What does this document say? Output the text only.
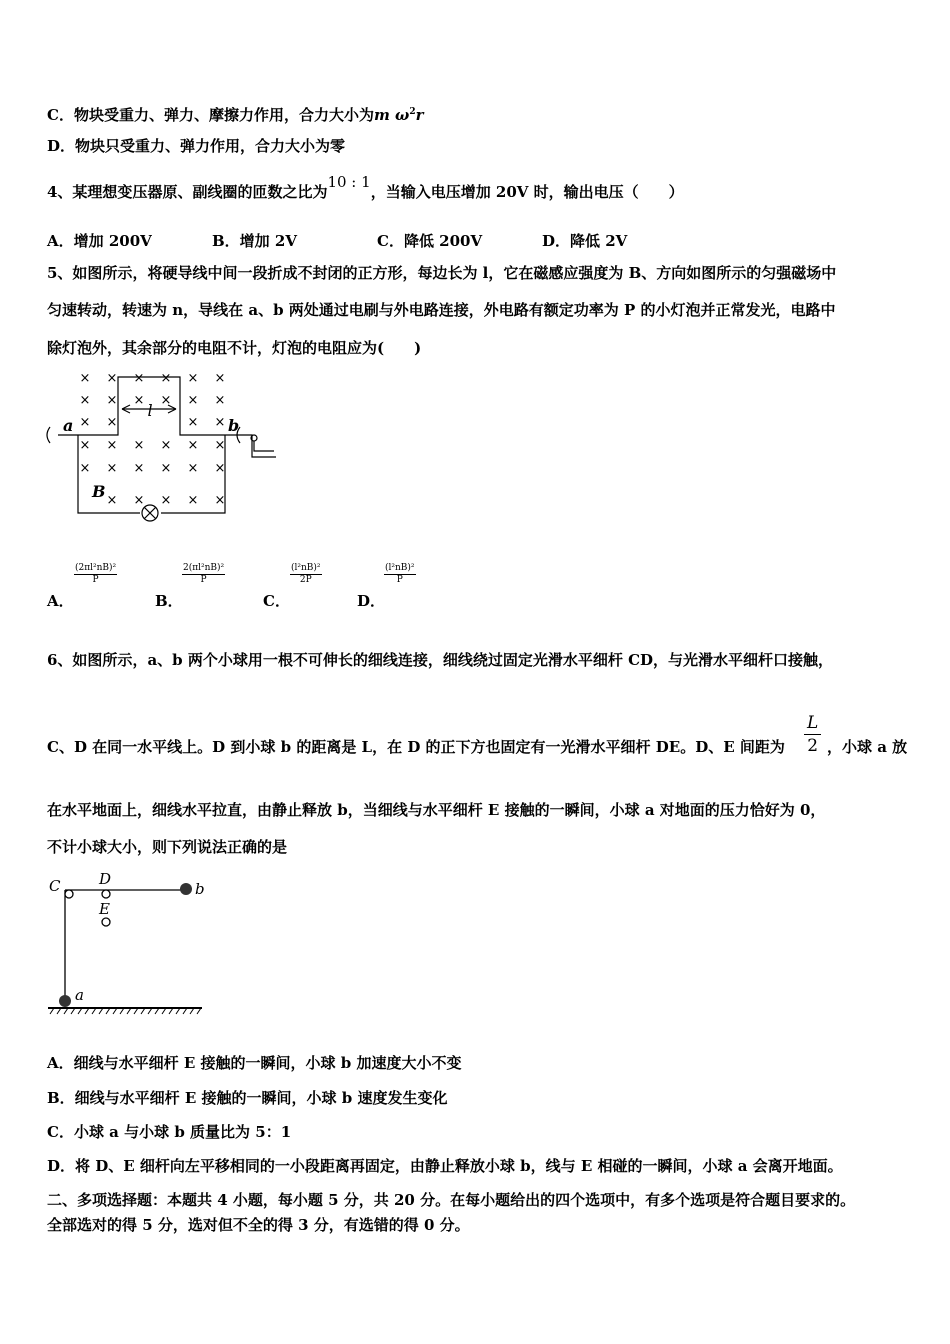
C．物块受重力、弹力、摩擦力作用，合力大小为m $\omega^2r$
D．物块只受重力、弹力作用，合力大小为零
4、某理想变压器原、副线圈的匝数之比为10 : 1，当输入电压增加 20V 时，输出电压（　　）
A．增加 200V	B．增加 2V	C．降低 200V	D．降低 2V
5、如图所示，将硬导线中间一段折成不封闭的正方形，每边长为 l，它在磁感应强度为 B、方向如图所示的匀强磁场中
匀速转动，转速为 n，导线在 a、b 两处通过电刷与外电路连接，外电路有额定功率为 P 的小灯泡并正常发光，电路中
除灯泡外，其余部分的电阻不计，灯泡的电阻应为(　　)
× × × × × ×
× × × × × ×
× ×	× ×
× × × × × ×
× × × × × ×
× × × × ×
l
a	b
B
A．
$\frac{\text{(2πl²nB)²}}{P}$
B．
$\frac{\text{2(πl²nB)²}}{P}$
C．
$\frac{\text{(l²nB)²}}{2P}$
D．
$\frac{\text{(l²nB)²}}{P}$
6、如图所示，a、b 两个小球用一根不可伸长的细线连接，细线绕过固定光滑水平细杆 CD，与光滑水平细杆口接触，
C、D 在同一水平线上。D 到小球 b 的距离是 L，在 D 的正下方也固定有一光滑水平细杆 DE。D、E 间距为 $\frac{L}{2}$ ，小球 a 放
在水平地面上，细线水平拉直，由静止释放 b，当细线与水平细杆 E 接触的一瞬间，小球 a 对地面的压力恰好为 0，
不计小球大小，则下列说法正确的是
C	D
E
a
b
A．细线与水平细杆 E 接触的一瞬间，小球 b 加速度大小不变
B．细线与水平细杆 E 接触的一瞬间，小球 b 速度发生变化
C．小球 a 与小球 b 质量比为 5：1
D．将 D、E 细杆向左平移相同的一小段距离再固定，由静止释放小球 b，线与 E 相碰的一瞬间，小球 a 会离开地面。
二、多项选择题：本题共 4 小题，每小题 5 分，共 20 分。在每小题给出的四个选项中，有多个选项是符合题目要求的。
全部选对的得 5 分，选对但不全的得 3 分，有选错的得 0 分。
